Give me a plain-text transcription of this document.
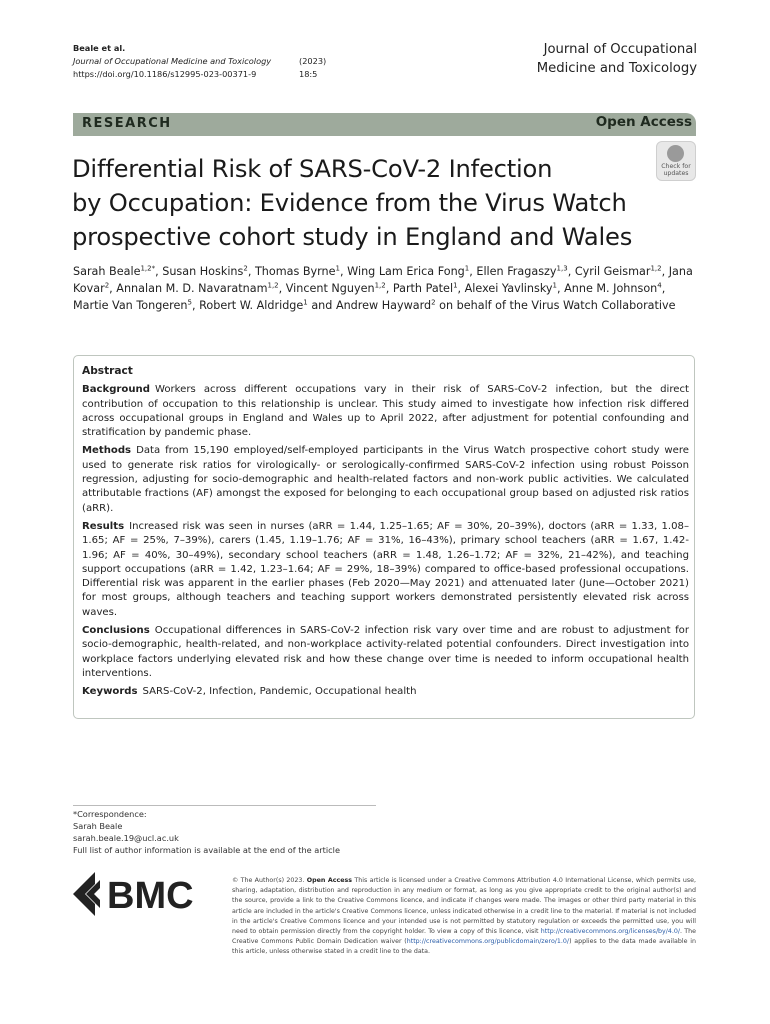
Beale et al.
Journal of Occupational Medicine and Toxicology	(2023) 18:5
https://doi.org/10.1186/s12995-023-00371-9
Journal of Occupational
Medicine and Toxicology
RESEARCH	Open Access
Differential Risk of SARS-CoV-2 Infection
by Occupation: Evidence from the Virus Watch
prospective cohort study in England and Wales
Check for
updates
Sarah Beale$^{1,2*}$, Susan Hoskins$^2$, Thomas Byrne$^1$, Wing Lam Erica Fong$^1$, Ellen Fragaszy$^{1,3}$, Cyril Geismar$^{1,2}$, Jana Kovar$^2$, Annalan M. D. Navaratnam$^{1,2}$, Vincent Nguyen$^{1,2}$, Parth Patel$^1$, Alexei Yavlinsky$^1$, Anne M. Johnson$^4$, Martie Van Tongeren$^5$, Robert W. Aldridge$^1$ and Andrew Hayward$^2$ on behalf of the Virus Watch Collaborative
Abstract

Background Workers across different occupations vary in their risk of SARS-CoV-2 infection, but the direct contribution of occupation to this relationship is unclear. This study aimed to investigate how infection risk differed across occupational groups in England and Wales up to April 2022, after adjustment for potential confounding and stratification by pandemic phase.

Methods Data from 15,190 employed/self-employed participants in the Virus Watch prospective cohort study were used to generate risk ratios for virologically- or serologically-confirmed SARS-CoV-2 infection using robust Poisson regression, adjusting for socio-demographic and health-related factors and non-work public activities. We calculated attributable fractions (AF) amongst the exposed for belonging to each occupational group based on adjusted risk ratios (aRR).

Results Increased risk was seen in nurses (aRR = 1.44, 1.25–1.65; AF = 30%, 20–39%), doctors (aRR = 1.33, 1.08–1.65; AF = 25%, 7–39%), carers (1.45, 1.19–1.76; AF = 31%, 16–43%), primary school teachers (aRR = 1.67, 1.42- 1.96; AF = 40%, 30–49%), secondary school teachers (aRR = 1.48, 1.26–1.72; AF = 32%, 21–42%), and teaching support occupations (aRR = 1.42, 1.23–1.64; AF = 29%, 18–39%) compared to office-based professional occupations. Differential risk was apparent in the earlier phases (Feb 2020—May 2021) and attenuated later (June—October 2021) for most groups, although teachers and teaching support workers demonstrated persistently elevated risk across waves.

Conclusions Occupational differences in SARS-CoV-2 infection risk vary over time and are robust to adjustment for socio-demographic, health-related, and non-workplace activity-related potential confounders. Direct investigation into workplace factors underlying elevated risk and how these change over time is needed to inform occupational health interventions.

Keywords SARS-CoV-2, Infection, Pandemic, Occupational health

*Correspondence:
Sarah Beale
sarah.beale.19@ucl.ac.uk
Full list of author information is available at the end of the article
BMC	© The Author(s) 2023. Open Access This article is licensed under a Creative Commons Attribution 4.0 International License, which permits use, sharing, adaptation, distribution and reproduction in any medium or format, as long as you give appropriate credit to the original author(s) and the source, provide a link to the Creative Commons licence, and indicate if changes were made. The images or other third party material in this article are included in the article's Creative Commons licence, unless indicated otherwise in a credit line to the material. If material is not included in the article's Creative Commons licence and your intended use is not permitted by statutory regulation or exceeds the permitted use, you will need to obtain permission directly from the copyright holder. To view a copy of this licence, visit http://creativecommons.org/licenses/by/4.0/. The Creative Commons Public Domain Dedication waiver (http://creativecommons.org/publicdomain/zero/1.0/) applies to the data made available in this article, unless otherwise stated in a credit line to the data.
